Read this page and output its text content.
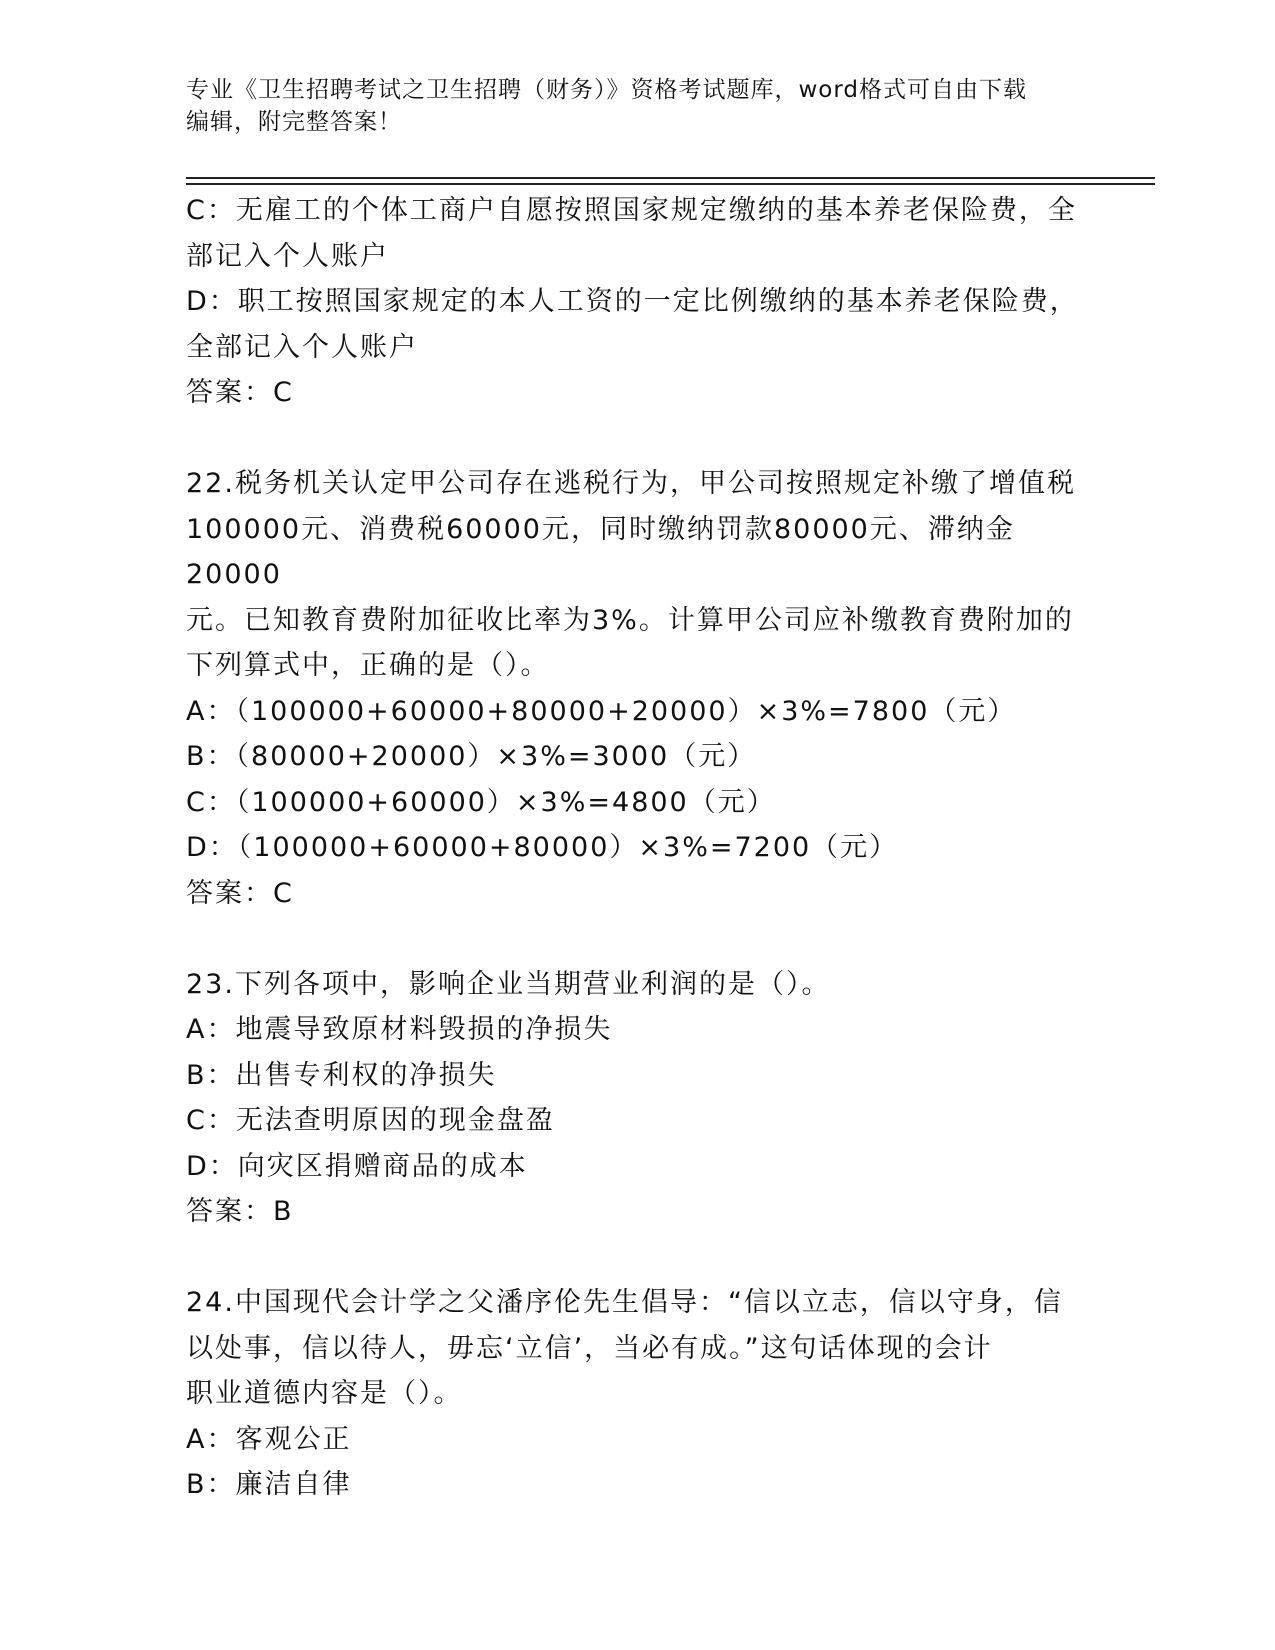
专业《卫生招聘考试之卫生招聘（财务）》资格考试题库，word格式可自由下载
编辑，附完整答案！

C：无雇工的个体工商户自愿按照国家规定缴纳的基本养老保险费，全

部记入个人账户

D：职工按照国家规定的本人工资的一定比例缴纳的基本养老保险费，

全部记入个人账户

答案：C

22.税务机关认定甲公司存在逃税行为，甲公司按照规定补缴了增值税

100000元、消费税60000元，同时缴纳罚款80000元、滞纳金20000

元。已知教育费附加征收比率为3%。计算甲公司应补缴教育费附加的

下列算式中，正确的是（）。

A：（100000+60000+80000+20000）×3%=7800（元）

B：（80000+20000）×3%=3000（元）

C：（100000+60000）×3%=4800（元）

D：（100000+60000+80000）×3%=7200（元）

答案：C

23.下列各项中，影响企业当期营业利润的是（）。

A：地震导致原材料毁损的净损失

B：出售专利权的净损失

C：无法查明原因的现金盘盈

D：向灾区捐赠商品的成本

答案：B

24.中国现代会计学之父潘序伦先生倡导：“信以立志，信以守身，信

以处事，信以待人，毋忘‘立信’，当必有成。”这句话体现的会计

职业道德内容是（）。

A：客观公正

B：廉洁自律
